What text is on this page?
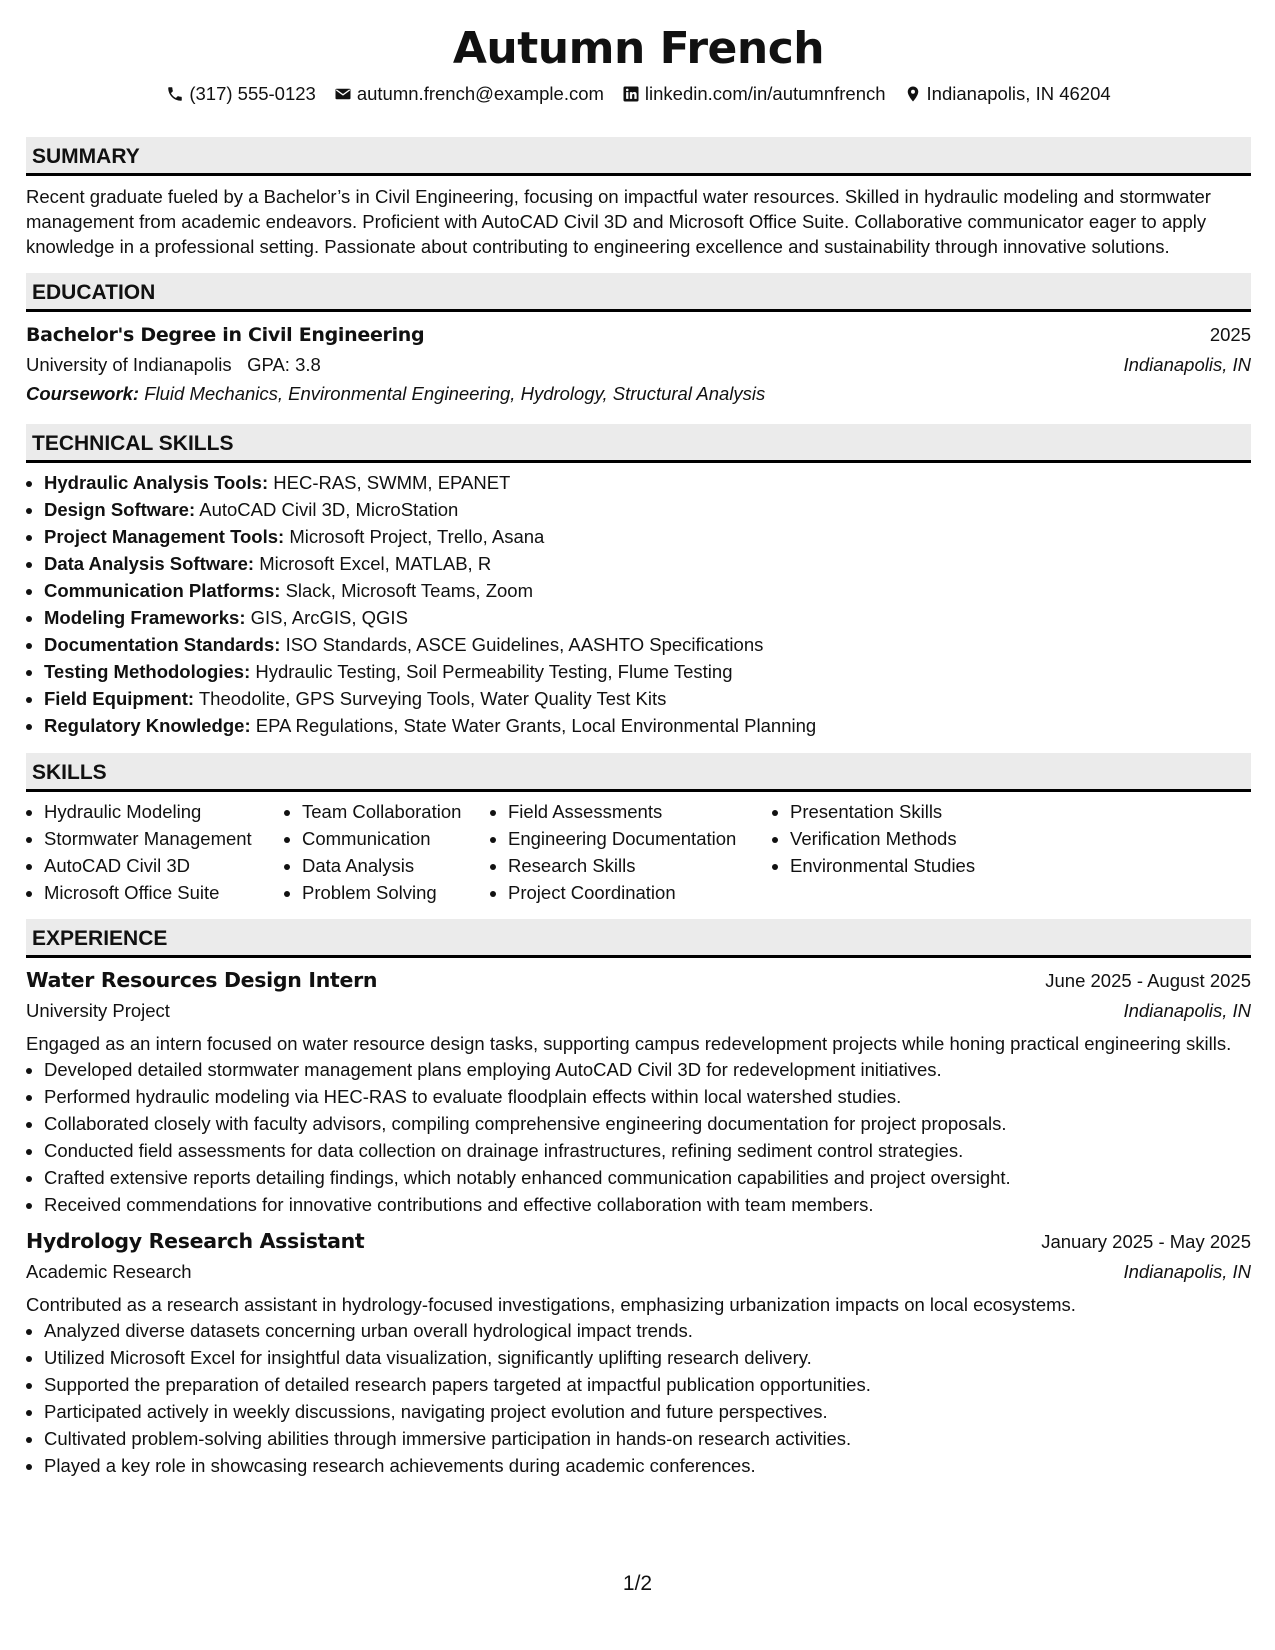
Autumn French
(317) 555-0123 autumn.french@example.com linkedin.com/in/autumnfrench Indianapolis, IN 46204
SUMMARY
Recent graduate fueled by a Bachelor’s in Civil Engineering, focusing on impactful water resources. Skilled in hydraulic modeling and stormwater management from academic endeavors. Proficient with AutoCAD Civil 3D and Microsoft Office Suite. Collaborative communicator eager to apply knowledge in a professional setting. Passionate about contributing to engineering excellence and sustainability through innovative solutions.
EDUCATION
Bachelor's Degree in Civil Engineering	2025
University of Indianapolis GPA: 3.8	Indianapolis, IN
Coursework: Fluid Mechanics, Environmental Engineering, Hydrology, Structural Analysis
TECHNICAL SKILLS
• Hydraulic Analysis Tools: HEC-RAS, SWMM, EPANET
• Design Software: AutoCAD Civil 3D, MicroStation
• Project Management Tools: Microsoft Project, Trello, Asana
• Data Analysis Software: Microsoft Excel, MATLAB, R
• Communication Platforms: Slack, Microsoft Teams, Zoom
• Modeling Frameworks: GIS, ArcGIS, QGIS
• Documentation Standards: ISO Standards, ASCE Guidelines, AASHTO Specifications
• Testing Methodologies: Hydraulic Testing, Soil Permeability Testing, Flume Testing
• Field Equipment: Theodolite, GPS Surveying Tools, Water Quality Test Kits
• Regulatory Knowledge: EPA Regulations, State Water Grants, Local Environmental Planning
SKILLS
• Hydraulic Modeling
• Stormwater Management
• AutoCAD Civil 3D
• Microsoft Office Suite
• Team Collaboration
• Communication
• Data Analysis
• Problem Solving
• Field Assessments
• Engineering Documentation
• Research Skills
• Project Coordination
• Presentation Skills
• Verification Methods
• Environmental Studies
EXPERIENCE
Water Resources Design Intern	June 2025 - August 2025
University Project	Indianapolis, IN
Engaged as an intern focused on water resource design tasks, supporting campus redevelopment projects while honing practical engineering skills.
• Developed detailed stormwater management plans employing AutoCAD Civil 3D for redevelopment initiatives.
• Performed hydraulic modeling via HEC-RAS to evaluate floodplain effects within local watershed studies.
• Collaborated closely with faculty advisors, compiling comprehensive engineering documentation for project proposals.
• Conducted field assessments for data collection on drainage infrastructures, refining sediment control strategies.
• Crafted extensive reports detailing findings, which notably enhanced communication capabilities and project oversight.
• Received commendations for innovative contributions and effective collaboration with team members.
Hydrology Research Assistant	January 2025 - May 2025
Academic Research	Indianapolis, IN
Contributed as a research assistant in hydrology-focused investigations, emphasizing urbanization impacts on local ecosystems.
• Analyzed diverse datasets concerning urban overall hydrological impact trends.
• Utilized Microsoft Excel for insightful data visualization, significantly uplifting research delivery.
• Supported the preparation of detailed research papers targeted at impactful publication opportunities.
• Participated actively in weekly discussions, navigating project evolution and future perspectives.
• Cultivated problem-solving abilities through immersive participation in hands-on research activities.
• Played a key role in showcasing research achievements during academic conferences.
1/2
